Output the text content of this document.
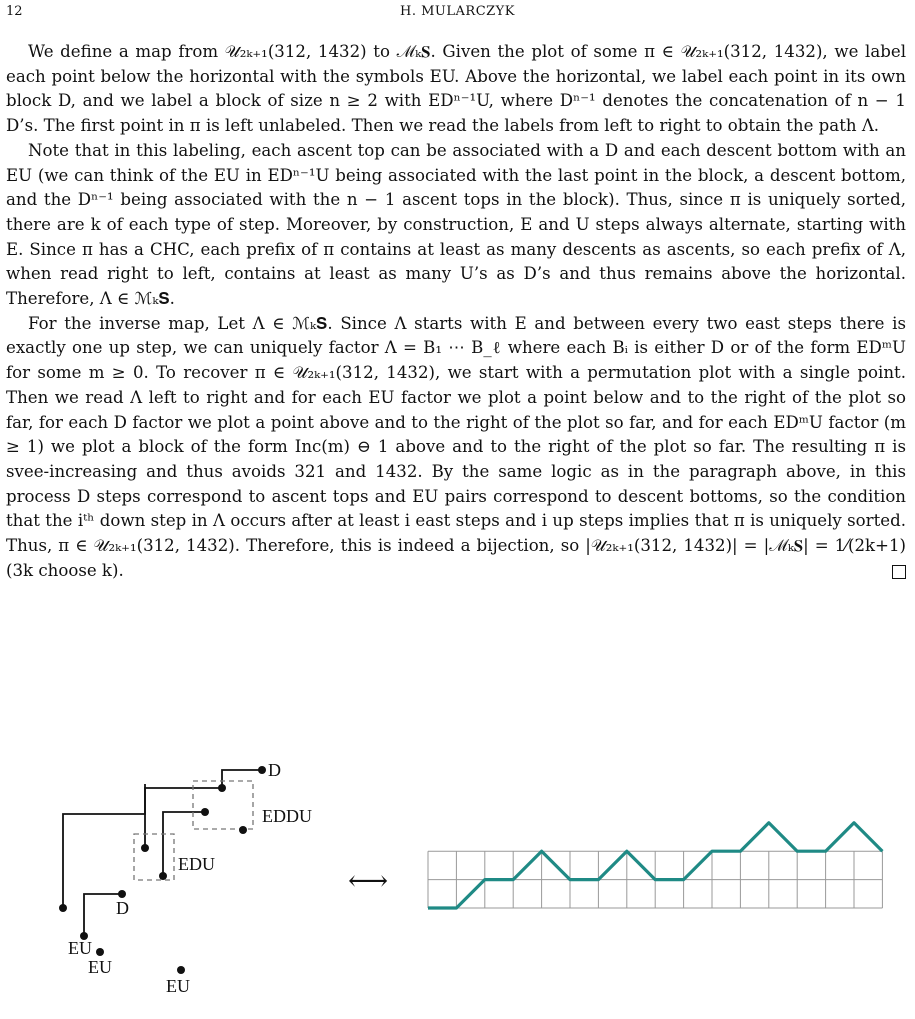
12	H. MULARCZYK

We define a map from 𝒰₂ₖ₊₁(312, 1432) to ℳₖ𝐒. Given the plot of some π ∈ 𝒰₂ₖ₊₁(312, 1432), we label each point below the horizontal with the symbols EU. Above the horizontal, we label each point in its own block D, and we label a block of size n ≥ 2 with EDⁿ⁻¹U, where Dⁿ⁻¹ denotes the concatenation of n − 1 D’s. The first point in π is left unlabeled. Then we read the labels from left to right to obtain the path Λ.

Note that in this labeling, each ascent top can be associated with a D and each descent bottom with an EU (we can think of the EU in EDⁿ⁻¹U being associated with the last point in the block, a descent bottom, and the Dⁿ⁻¹ being associated with the n − 1 ascent tops in the block). Thus, since π is uniquely sorted, there are k of each type of step. Moreover, by construction, E and U steps always alternate, starting with E. Since π has a CHC, each prefix of π contains at least as many descents as ascents, so each prefix of Λ, when read right to left, contains at least as many U’s as D’s and thus remains above the horizontal. Therefore, Λ ∈ ℳₖ𝐒.

For the inverse map, Let Λ ∈ ℳₖ𝐒. Since Λ starts with E and between every two east steps there is exactly one up step, we can uniquely factor Λ = B₁ ⋯ B_ℓ where each Bᵢ is either D or of the form EDᵐU for some m ≥ 0. To recover π ∈ 𝒰₂ₖ₊₁(312, 1432), we start with a permutation plot with a single point. Then we read Λ left to right and for each EU factor we plot a point below and to the right of the plot so far, for each D factor we plot a point above and to the right of the plot so far, and for each EDᵐU factor (m ≥ 1) we plot a block of the form Inc(m) ⊖ 1 above and to the right of the plot so far. The resulting π is svee-increasing and thus avoids 321 and 1432. By the same logic as in the paragraph above, in this process D steps correspond to ascent tops and EU pairs correspond to descent bottoms, so the condition that the iᵗʰ down step in Λ occurs after at least i east steps and i up steps implies that π is uniquely sorted. Thus, π ∈ 𝒰₂ₖ₊₁(312, 1432). Therefore, this is indeed a bijection, so |𝒰₂ₖ₊₁(312, 1432)| = |ℳₖ𝐒| = 1⁄(2k+1) (3k choose k).

D
EDDU
EDU
D
EU
EU
EU
⟷
